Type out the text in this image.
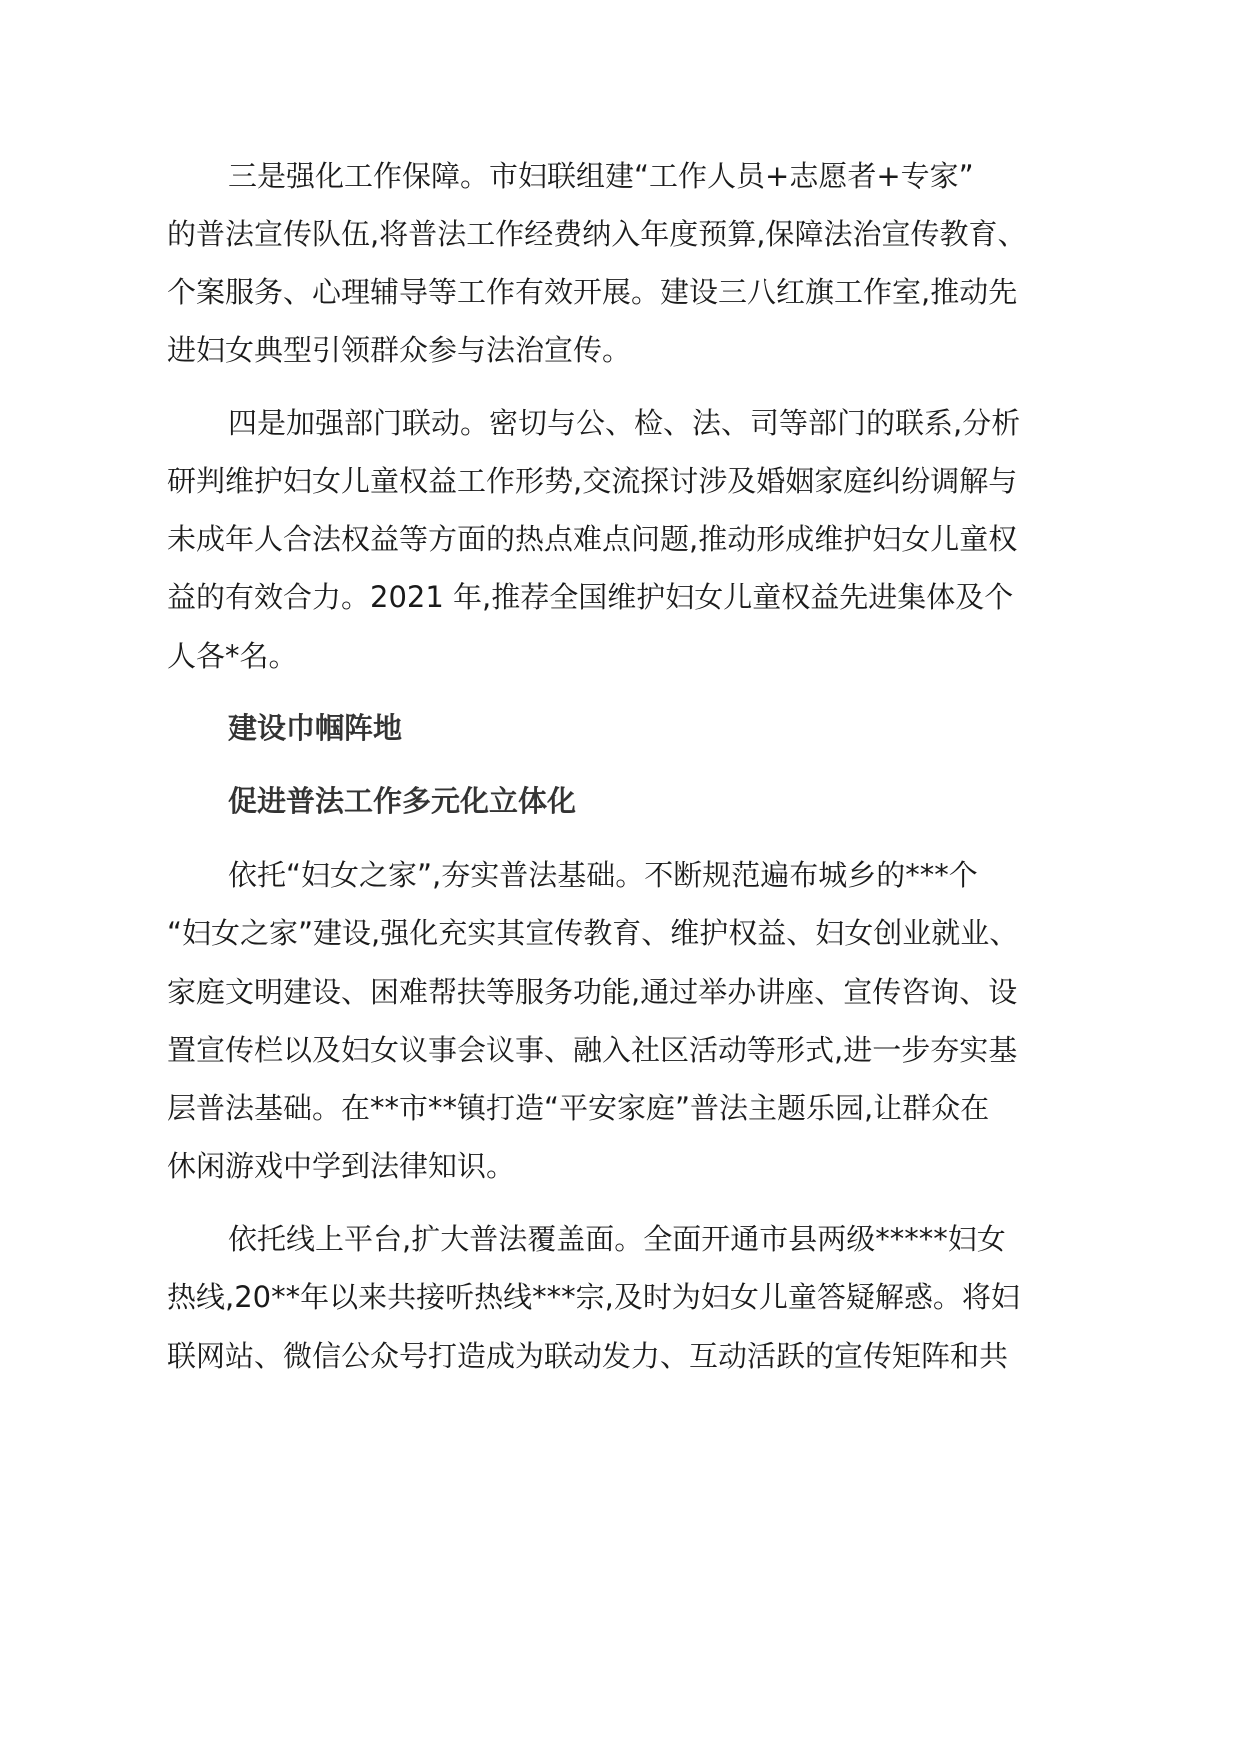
三是强化工作保障。市妇联组建“工作人员+志愿者+专家”
的普法宣传队伍,将普法工作经费纳入年度预算,保障法治宣传教育、
个案服务、心理辅导等工作有效开展。建设三八红旗工作室,推动先
进妇女典型引领群众参与法治宣传。
四是加强部门联动。密切与公、检、法、司等部门的联系,分析
研判维护妇女儿童权益工作形势,交流探讨涉及婚姻家庭纠纷调解与
未成年人合法权益等方面的热点难点问题,推动形成维护妇女儿童权
益的有效合力。2021 年,推荐全国维护妇女儿童权益先进集体及个
人各*名。
建设巾帼阵地
促进普法工作多元化立体化
依托“妇女之家”,夯实普法基础。不断规范遍布城乡的***个
“妇女之家”建设,强化充实其宣传教育、维护权益、妇女创业就业、
家庭文明建设、困难帮扶等服务功能,通过举办讲座、宣传咨询、设
置宣传栏以及妇女议事会议事、融入社区活动等形式,进一步夯实基
层普法基础。在**市**镇打造“平安家庭”普法主题乐园,让群众在
休闲游戏中学到法律知识。
依托线上平台,扩大普法覆盖面。全面开通市县两级*****妇女
热线,20**年以来共接听热线***宗,及时为妇女儿童答疑解惑。将妇
联网站、微信公众号打造成为联动发力、互动活跃的宣传矩阵和共
